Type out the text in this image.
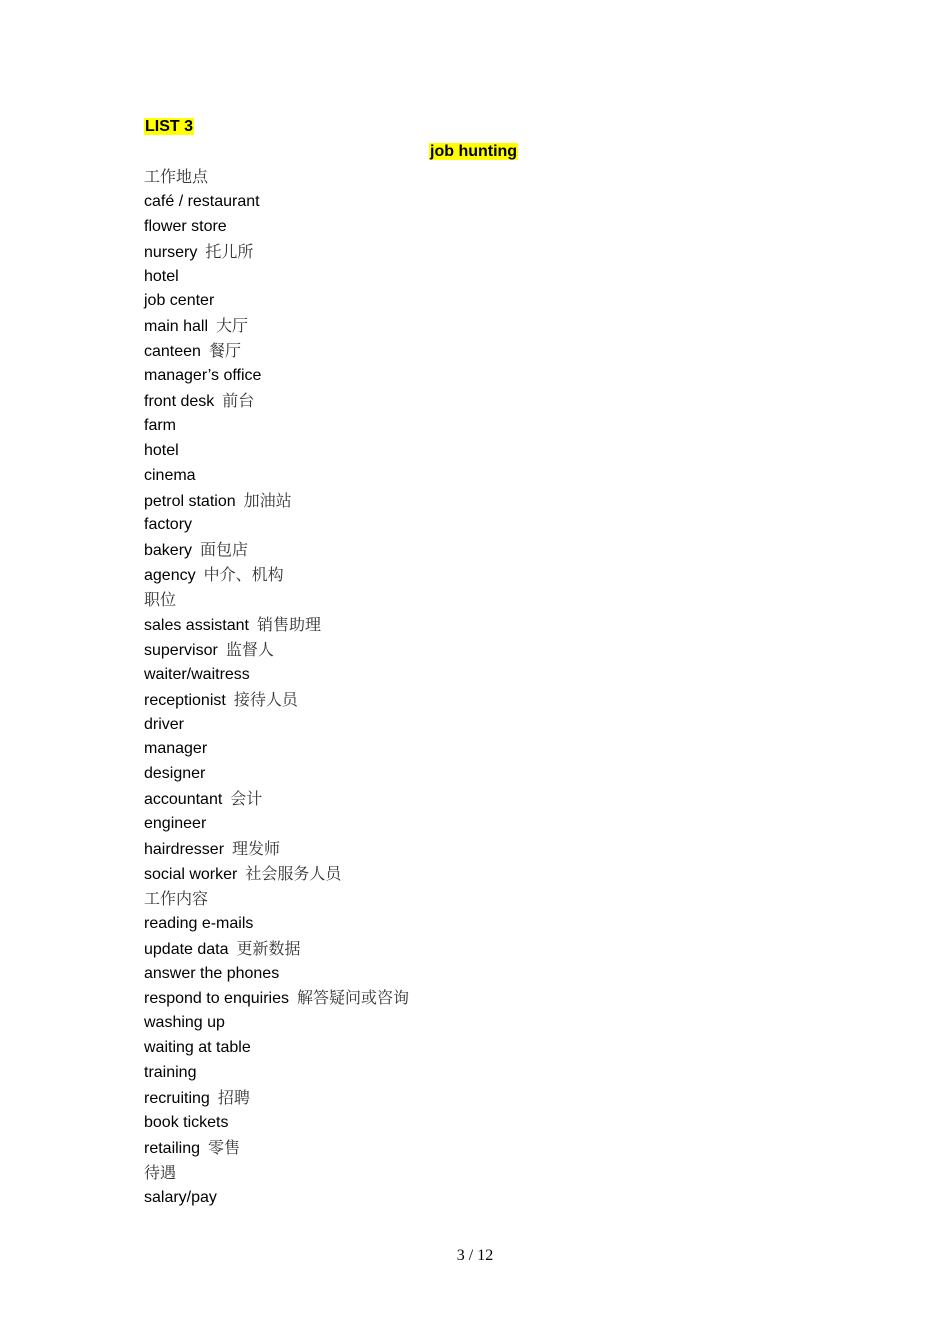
LIST 3
job hunting
工作地点
café / restaurant
flower store
nursery 托儿所
hotel
job center
main hall 大厅
canteen 餐厅
manager’s office
front desk 前台
farm
hotel
cinema
petrol station 加油站
factory
bakery 面包店
agency 中介、机构
职位
sales assistant 销售助理
supervisor 监督人
waiter/waitress
receptionist 接待人员
driver
manager
designer
accountant 会计
engineer
hairdresser 理发师
social worker 社会服务人员
工作内容
reading e-mails
update data 更新数据
answer the phones
respond to enquiries 解答疑问或咨询
washing up
waiting at table
training
recruiting 招聘
book tickets
retailing 零售
待遇
salary/pay
3 / 12
